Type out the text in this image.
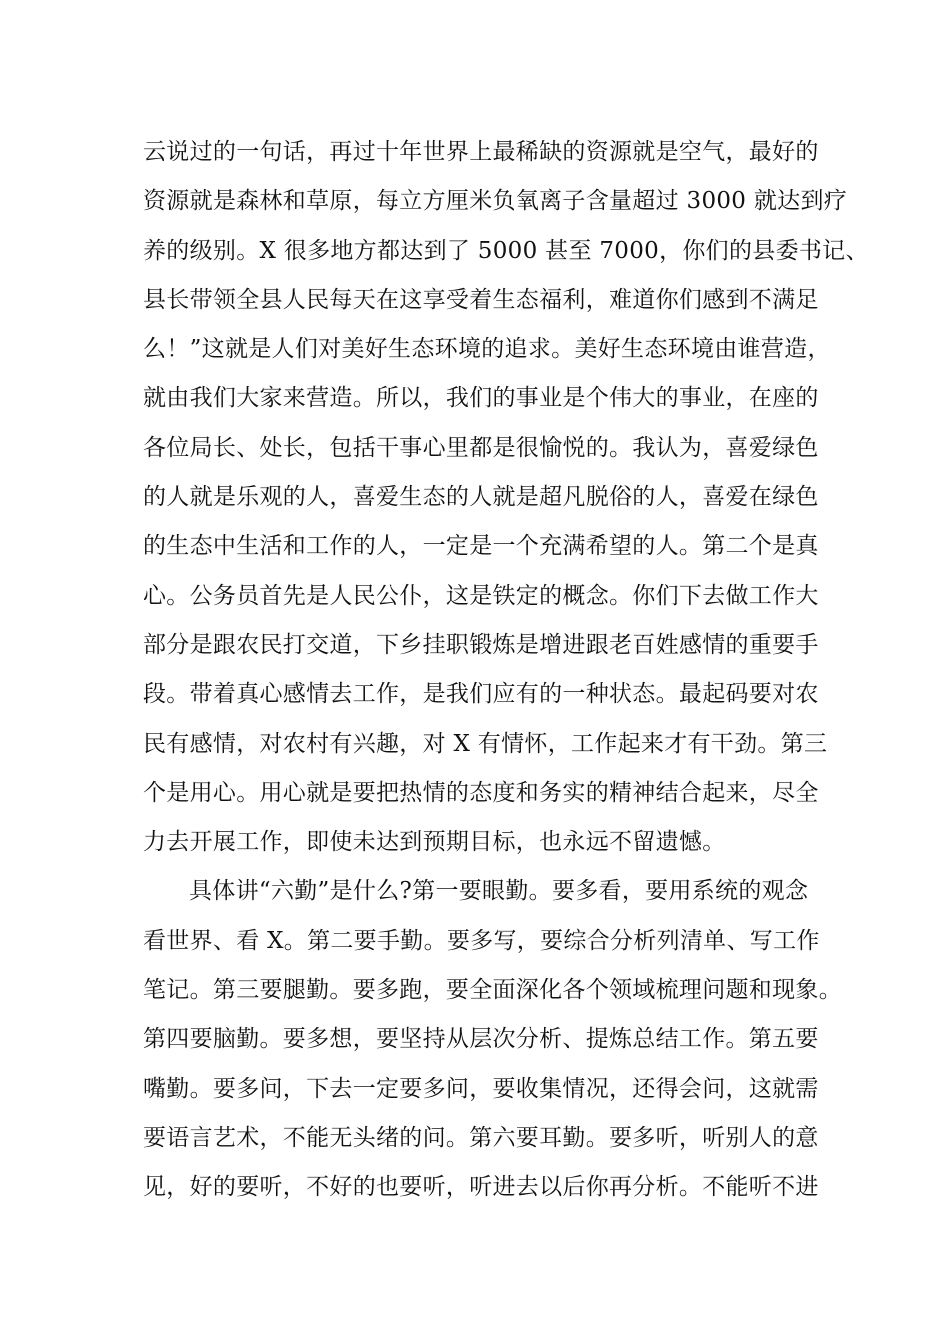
云说过的一句话，再过十年世界上最稀缺的资源就是空气，最好的
资源就是森林和草原，每立方厘米负氧离子含量超过 3000 就达到疗
养的级别。X 很多地方都达到了 5000 甚至 7000，你们的县委书记、
县长带领全县人民每天在这享受着生态福利，难道你们感到不满足
么！”这就是人们对美好生态环境的追求。美好生态环境由谁营造，
就由我们大家来营造。所以，我们的事业是个伟大的事业，在座的
各位局长、处长，包括干事心里都是很愉悦的。我认为，喜爱绿色
的人就是乐观的人，喜爱生态的人就是超凡脱俗的人，喜爱在绿色
的生态中生活和工作的人，一定是一个充满希望的人。第二个是真
心。公务员首先是人民公仆，这是铁定的概念。你们下去做工作大
部分是跟农民打交道，下乡挂职锻炼是增进跟老百姓感情的重要手
段。带着真心感情去工作，是我们应有的一种状态。最起码要对农
民有感情，对农村有兴趣，对 X 有情怀，工作起来才有干劲。第三
个是用心。用心就是要把热情的态度和务实的精神结合起来，尽全
力去开展工作，即使未达到预期目标，也永远不留遗憾。
具体讲“六勤”是什么?第一要眼勤。要多看，要用系统的观念
看世界、看 X。第二要手勤。要多写，要综合分析列清单、写工作
笔记。第三要腿勤。要多跑，要全面深化各个领域梳理问题和现象。
第四要脑勤。要多想，要坚持从层次分析、提炼总结工作。第五要
嘴勤。要多问，下去一定要多问，要收集情况，还得会问，这就需
要语言艺术，不能无头绪的问。第六要耳勤。要多听，听别人的意
见，好的要听，不好的也要听，听进去以后你再分析。不能听不进
